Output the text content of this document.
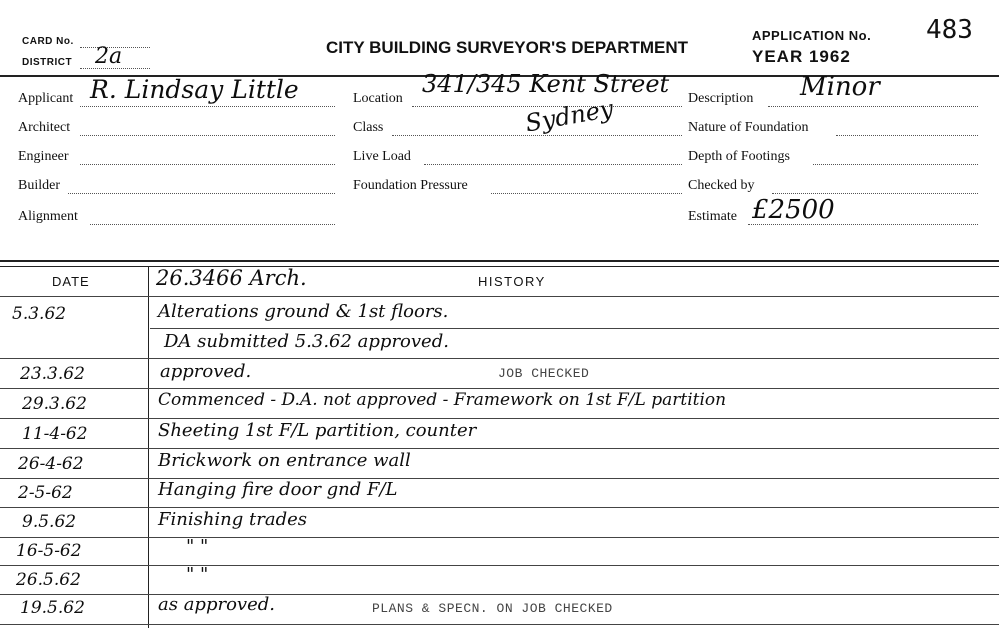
CARD No.
DISTRICT 2a	CITY BUILDING SURVEYOR'S DEPARTMENT
APPLICATION No.
YEAR 1962
483
Applicant R. Lindsay Little
Architect
Engineer
Builder
Alignment
Location
341/345 Kent Street
Sydney
Class
Live Load
Foundation Pressure
Description Minor
Nature of Foundation
Depth of Footings
Checked by
Estimate £2500
DATE	HISTORY
26.3466 Arch.
5.3.62	Alterations ground & 1st floors.
DA submitted 5.3.62 approved.
23.3.62	approved.	JOB CHECKED
29.3.62	Commenced - D.A. not approved - Framework on 1st F/L partition
11-4-62	Sheeting 1st F/L partition, counter
26-4-62	Brickwork on entrance wall
2-5-62	Hanging fire door gnd F/L
9.5.62	Finishing trades
16-5-62	" "
26.5.62	" "
19.5.62	as approved.	PLANS & SPECN. ON JOB CHECKED
